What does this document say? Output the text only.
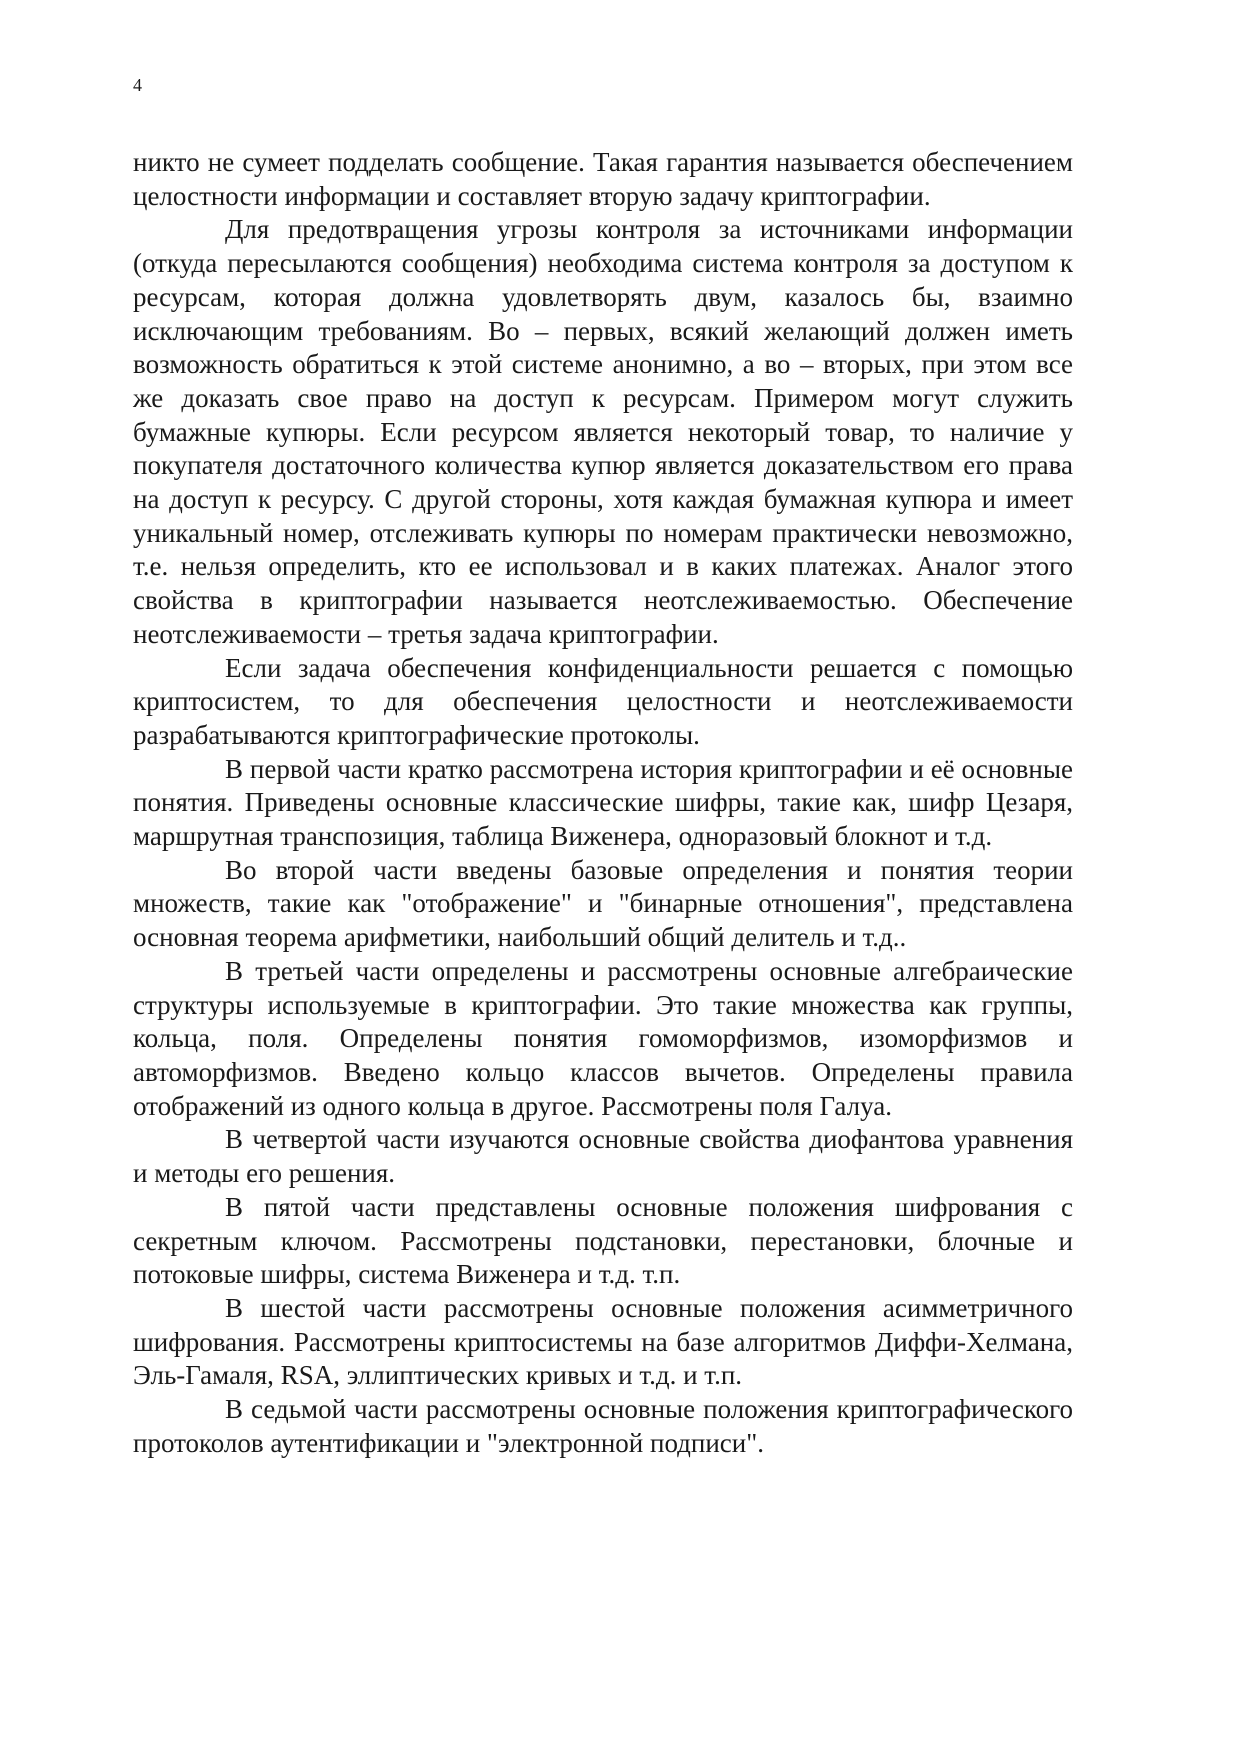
4

никто не сумеет подделать сообщение. Такая гарантия называется обеспечением целостности информации и составляет вторую задачу криптографии.

Для предотвращения угрозы контроля за источниками информации (откуда пересылаются сообщения) необходима система контроля за доступом к ресурсам, которая должна удовлетворять двум, казалось бы, взаимно исключающим требованиям. Во – первых, всякий желающий должен иметь возможность обратиться к этой системе анонимно, а во – вторых, при этом все же доказать свое право на доступ к ресурсам. Примером могут служить бумажные купюры. Если ресурсом является некоторый товар, то наличие у покупателя достаточного количества купюр является доказательством его права на доступ к ресурсу. С другой стороны, хотя каждая бумажная купюра и имеет уникальный номер, отслеживать купюры по номерам практически невозможно, т.е. нельзя определить, кто ее использовал и в каких платежах. Аналог этого свойства в криптографии называется неотслеживаемостью. Обеспечение неотслеживаемости – третья задача криптографии.

Если задача обеспечения конфиденциальности решается с помощью криптосистем, то для обеспечения целостности и неотслеживаемости разрабатываются криптографические протоколы.

В первой части кратко рассмотрена история криптографии и её основные понятия. Приведены основные классические шифры, такие как, шифр Цезаря, маршрутная транспозиция, таблица Виженера, одноразовый блокнот и т.д.

Во второй части введены базовые определения и понятия теории множеств, такие как "отображение" и "бинарные отношения", представлена основная теорема арифметики, наибольший общий делитель и т.д..

В третьей части определены и рассмотрены основные алгебраические структуры используемые в криптографии. Это такие множества как группы, кольца, поля. Определены понятия гомоморфизмов, изоморфизмов и автоморфизмов. Введено кольцо классов вычетов. Определены правила отображений из одного кольца в другое. Рассмотрены поля Галуа.

В четвертой части изучаются основные свойства диофантова уравнения и методы его решения.

В пятой части представлены основные положения шифрования с секретным ключом. Рассмотрены подстановки, перестановки, блочные и потоковые шифры, система Виженера и т.д. т.п.

В шестой части рассмотрены основные положения асимметричного шифрования. Рассмотрены криптосистемы на базе алгоритмов Диффи-Хелмана, Эль-Гамаля, RSA, эллиптических кривых и т.д. и т.п.

В седьмой части рассмотрены основные положения криптографического протоколов аутентификации и "электронной подписи".
